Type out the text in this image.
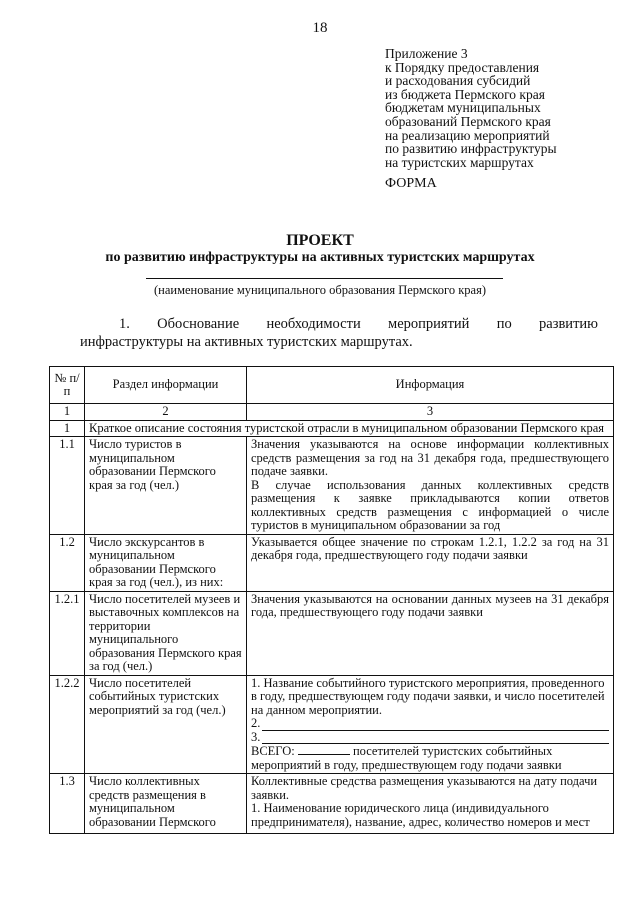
18
Приложение 3
к Порядку предоставления
и расходования субсидий
из бюджета Пермского края
бюджетам муниципальных
образований Пермского края
на реализацию мероприятий
по развитию инфраструктуры
на туристских маршрутах
ФОРМА
ПРОЕКТ
по развитию инфраструктуры на активных туристских маршрутах
(наименование муниципального образования Пермского края)
1. Обоснование необходимости мероприятий по развитию
инфраструктуры на активных туристских маршрутах.
№ п/п	Раздел информации	Информация
1	2	3
1	Краткое описание состояния туристской отрасли в муниципальном образовании Пермского края	
1.1	Число туристов в муниципальном образовании Пермского края за год (чел.)	Значения указываются на основе информации коллективных средств размещения за год на 31 декабря года, предшествующего подаче заявки.
В случае использования данных коллективных средств размещения к заявке прикладываются копии ответов коллективных средств размещения с информацией о числе туристов в муниципальном образовании за год

1.2	Число экскурсантов в муниципальном образовании Пермского края за год (чел.), из них:	Указывается общее значение по строкам 1.2.1, 1.2.2 за год на 31 декабря года, предшествующего году подачи заявки
1.2.1	Число посетителей музеев и выставочных комплексов на территории муниципального образования Пермского края за год (чел.)	Значения указываются на основании данных музеев на 31 декабря года, предшествующего году подачи заявки
1.2.2	Число посетителей событийных туристских мероприятий за год (чел.)	1. Название событийного туристского мероприятия, проведенного в году, предшествующем году подачи заявки, и число посетителей на данном мероприятии.
2.
3.
ВСЕГО: посетителей туристских событийных мероприятий в году, предшествующем году подачи заявки

1.3	Число коллективных средств размещения в муниципальном образовании Пермского	Коллективные средства размещения указываются на дату подачи заявки.
1. Наименование юридического лица (индивидуального предпринимателя), название, адрес, количество номеров и мест
